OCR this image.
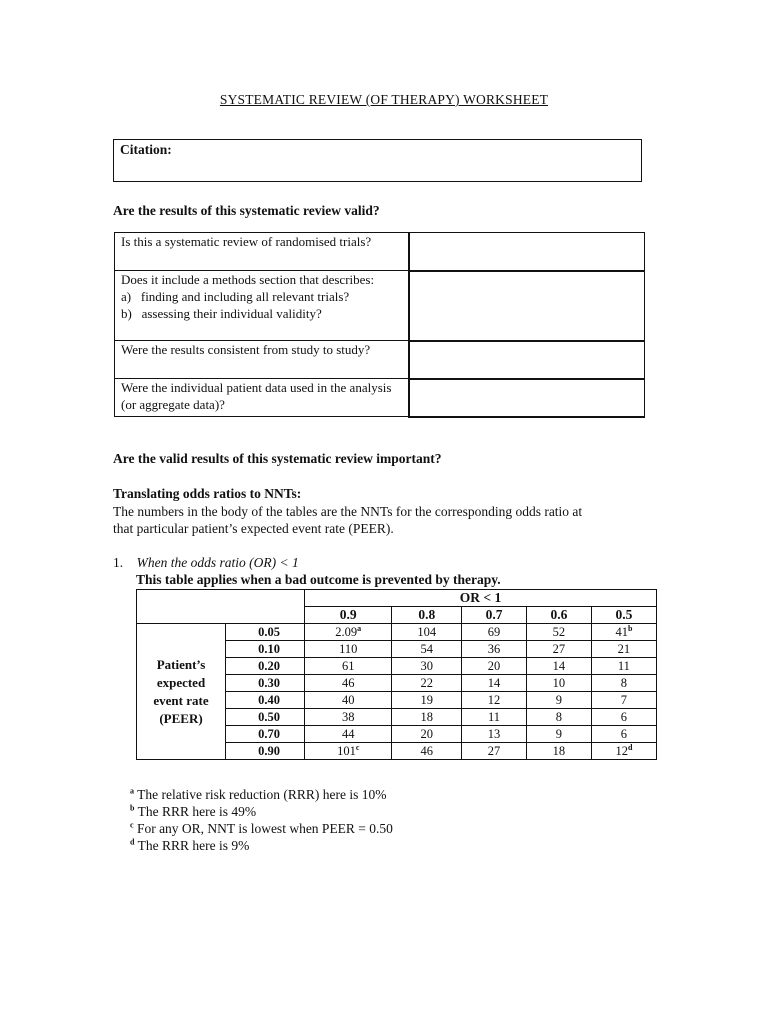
SYSTEMATIC REVIEW (OF THERAPY) WORKSHEET
Citation:
Are the results of this systematic review valid?
Is this a systematic review of randomised trials?	

Does it include a methods section that describes:
a) finding and including all relevant trials?
b) assessing their individual validity?	

Were the results consistent from study to study?	
Were the individual patient data used in the analysis (or aggregate data)?	
Are the valid results of this systematic review important?
Translating odds ratios to NNTs:
The numbers in the body of the tables are the NNTs for the corresponding odds ratio at
that particular patient’s expected event rate (PEER).
1. When the odds ratio (OR) < 1
This table applies when a bad outcome is prevented by therapy.
		OR < 1				
		0.9	0.8	0.7	0.6	0.5

Patient’s
expected
event rate
(PEER)	0.05	2.09$^a$	104	69	52	41$^b$
	0.10	110	54	36	27	21
	0.20	61	30	20	14	11
	0.30	46	22	14	10	8
	0.40	40	19	12	9	7
	0.50	38	18	11	8	6
	0.70	44	20	13	9	6
	0.90	101$^c$	46	27	18	12$^d$
$^a$ The relative risk reduction (RRR) here is 10%
$^b$ The RRR here is 49%
$^c$ For any OR, NNT is lowest when PEER = 0.50
$^d$ The RRR here is 9%
